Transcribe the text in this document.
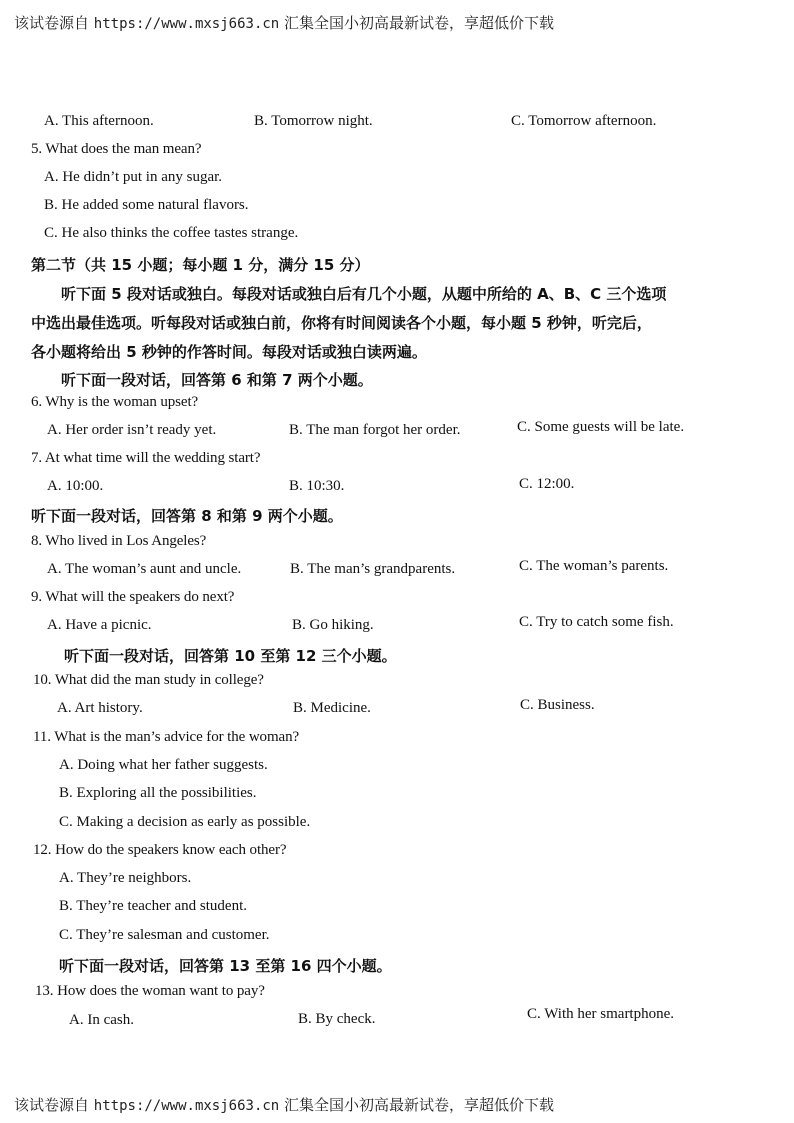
该试卷源自 https://www.mxsj663.cn 汇集全国小初高最新试卷，享超低价下载
A. This afternoon.	B. Tomorrow night.	C. Tomorrow afternoon.
5. What does the man mean?
A. He didn’t put in any sugar.
B. He added some natural flavors.
C. He also thinks the coffee tastes strange.
第二节（共 15 小题；每小题 1 分，满分 15 分）
听下面 5 段对话或独白。每段对话或独白后有几个小题，从题中所给的 A、B、C 三个选项
中选出最佳选项。听每段对话或独白前，你将有时间阅读各个小题，每小题 5 秒钟，听完后，
各小题将给出 5 秒钟的作答时间。每段对话或独白读两遍。
听下面一段对话，回答第 6 和第 7 两个小题。
6. Why is the woman upset?
A. Her order isn’t ready yet.	B. The man forgot her order.	C. Some guests will be late.
7. At what time will the wedding start?
A. 10:00.	B. 10:30.	C. 12:00.
听下面一段对话，回答第 8 和第 9 两个小题。
8. Who lived in Los Angeles?
A. The woman’s aunt and uncle.	B. The man’s grandparents.	C. The woman’s parents.
9. What will the speakers do next?
A. Have a picnic.	B. Go hiking.	C. Try to catch some fish.
听下面一段对话，回答第 10 至第 12 三个小题。
10. What did the man study in college?
A. Art history.	B. Medicine.	C. Business.
11. What is the man’s advice for the woman?
A. Doing what her father suggests.
B. Exploring all the possibilities.
C. Making a decision as early as possible.
12. How do the speakers know each other?
A. They’re neighbors.
B. They’re teacher and student.
C. They’re salesman and customer.
听下面一段对话，回答第 13 至第 16 四个小题。
13. How does the woman want to pay?
A. In cash.	B. By check.	C. With her smartphone.
该试卷源自 https://www.mxsj663.cn 汇集全国小初高最新试卷，享超低价下载
